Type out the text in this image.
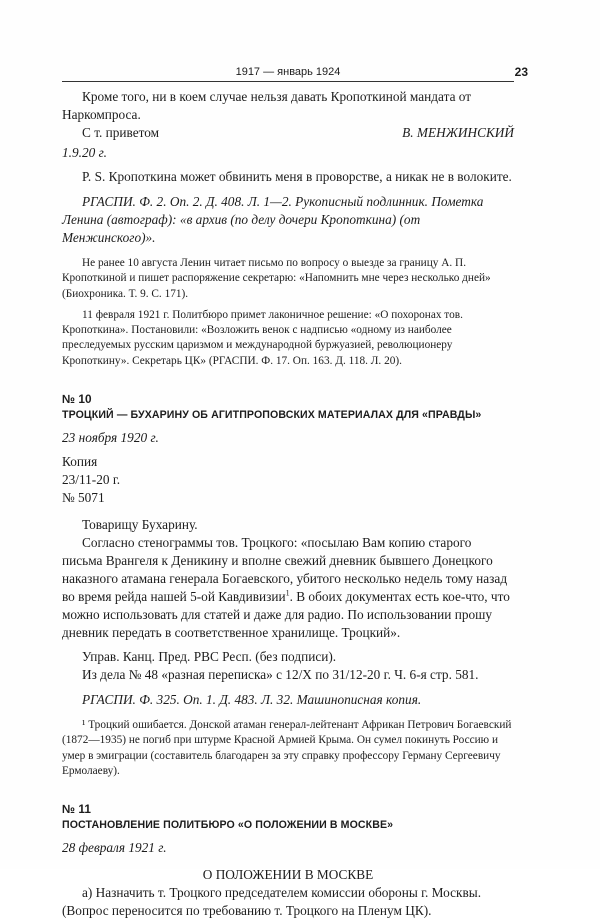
1917 — январь 1924	23

Кроме того, ни в коем случае нельзя давать Кропоткиной мандата от Наркомпроса.

С т. приветом	В. МЕНЖИНСКИЙ

1.9.20 г.

P. S. Кропоткина может обвинить меня в проворстве, а никак не в волоките.

РГАСПИ. Ф. 2. Оп. 2. Д. 408. Л. 1—2. Рукописный подлинник. Пометка Ленина (автограф): «в архив (по делу дочери Кропоткина) (от Менжинского)».

Не ранее 10 августа Ленин читает письмо по вопросу о выезде за границу А. П. Кропоткиной и пишет распоряжение секретарю: «Напомнить мне через несколько дней» (Биохроника. Т. 9. С. 171).

11 февраля 1921 г. Политбюро примет лаконичное решение: «О похоронах тов. Кропоткина». Постановили: «Возложить венок с надписью «одному из наиболее преследуемых русским царизмом и международной буржуазией, революционеру Кропоткину». Секретарь ЦК» (РГАСПИ. Ф. 17. Оп. 163. Д. 118. Л. 20).

№ 10

ТРОЦКИЙ — БУХАРИНУ ОБ АГИТПРОПОВСКИХ МАТЕРИАЛАХ ДЛЯ «ПРАВДЫ»

23 ноября 1920 г.

Копия

23/11-20 г.

№ 5071

Товарищу Бухарину.

Согласно стенограммы тов. Троцкого: «посылаю Вам копию старого письма Врангеля к Деникину и вполне свежий дневник бывшего Донецкого наказного атамана генерала Богаевского, убитого несколько недель тому назад во время рейда нашей 5-ой Кавдивизии$^1$. В обоих документах есть кое-что, что можно использовать для статей и даже для радио. По использовании прошу дневник передать в соответственное хранилище. Троцкий».

Управ. Канц. Пред. РВС Респ. (без подписи).

Из дела № 48 «разная переписка» с 12/X по 31/12-20 г. Ч. 6-я стр. 581.

РГАСПИ. Ф. 325. Оп. 1. Д. 483. Л. 32. Машинописная копия.

¹ Троцкий ошибается. Донской атаман генерал-лейтенант Африкан Петрович Богаевский (1872—1935) не погиб при штурме Красной Армией Крыма. Он сумел покинуть Россию и умер в эмиграции (составитель благодарен за эту справку профессору Герману Сергеевичу Ермолаеву).

№ 11

ПОСТАНОВЛЕНИЕ ПОЛИТБЮРО «О ПОЛОЖЕНИИ В МОСКВЕ»

28 февраля 1921 г.

О ПОЛОЖЕНИИ В МОСКВЕ

а) Назначить т. Троцкого председателем комиссии обороны г. Москвы. (Вопрос переносится по требованию т. Троцкого на Пленум ЦК).
